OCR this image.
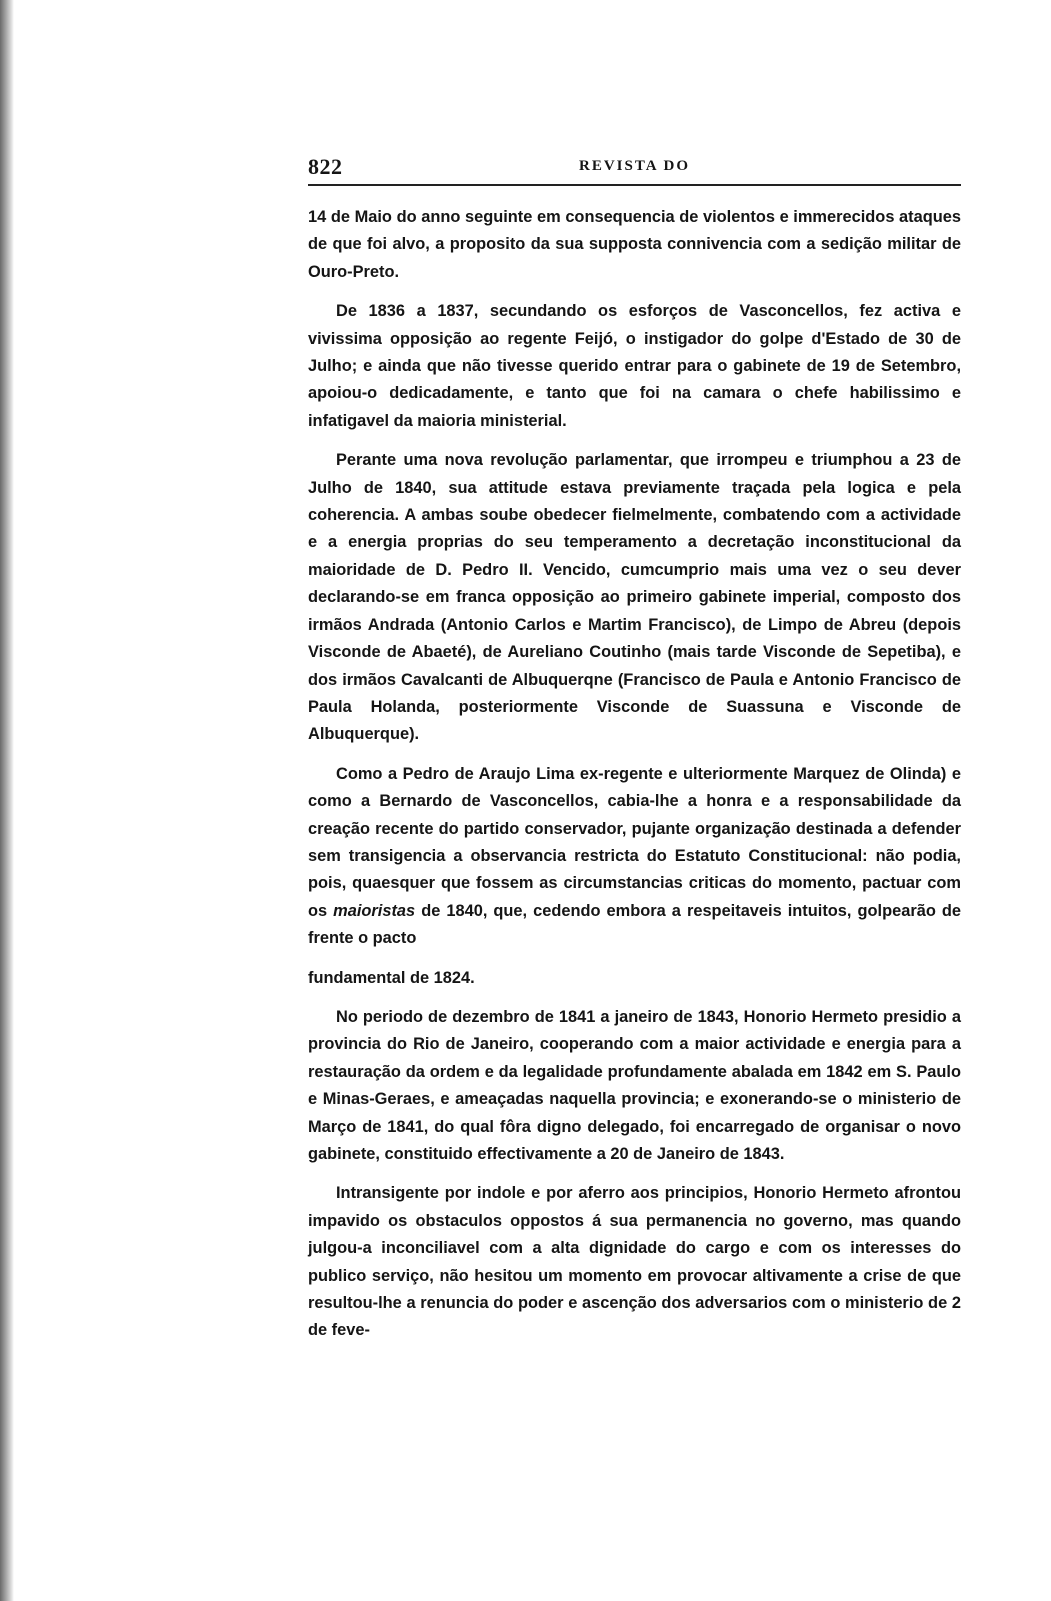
822	REVISTA DO

14 de Maio do anno seguinte em consequencia de violentos e immerecidos ataques de que foi alvo, a proposito da sua supposta connivencia com a sedição militar de Ouro-Preto.

De 1836 a 1837, secundando os esforços de Vasconcellos, fez activa e vivissima opposição ao regente Feijó, o instigador do golpe d'Estado de 30 de Julho; e ainda que não tivesse querido entrar para o gabinete de 19 de Setembro, apoiou-o dedicadamente, e tanto que foi na camara o chefe habilissimo e infatigavel da maioria ministerial.

Perante uma nova revolução parlamentar, que irrompeu e triumphou a 23 de Julho de 1840, sua attitude estava previamente traçada pela logica e pela coherencia. A ambas soube obedecer fielmelmente, combatendo com a actividade e a energia proprias do seu temperamento a decretação inconstitucional da maioridade de D. Pedro II. Vencido, cumcumprio mais uma vez o seu dever declarando-se em franca opposição ao primeiro gabinete imperial, composto dos irmãos Andrada (Antonio Carlos e Martim Francisco), de Limpo de Abreu (depois Visconde de Abaeté), de Aureliano Coutinho (mais tarde Visconde de Sepetiba), e dos irmãos Cavalcanti de Albuquerqne (Francisco de Paula e Antonio Francisco de Paula Holanda, posteriormente Visconde de Suassuna e Visconde de Albuquerque).

Como a Pedro de Araujo Lima ex-regente e ulteriormente Marquez de Olinda) e como a Bernardo de Vasconcellos, cabia-lhe a honra e a responsabilidade da creação recente do partido conservador, pujante organização destinada a defender sem transigencia a observancia restricta do Estatuto Constitucional: não podia, pois, quaesquer que fossem as circumstancias criticas do momento, pactuar com os maioristas de 1840, que, cedendo embora a respeitaveis intuitos, golpearão de frente o pacto

fundamental de 1824.

No periodo de dezembro de 1841 a janeiro de 1843, Honorio Hermeto presidio a provincia do Rio de Janeiro, cooperando com a maior actividade e energia para a restauração da ordem e da legalidade profundamente abalada em 1842 em S. Paulo e Minas-Geraes, e ameaçadas naquella provincia; e exonerando-se o ministerio de Março de 1841, do qual fôra digno delegado, foi encarregado de organisar o novo gabinete, constituido effectivamente a 20 de Janeiro de 1843.

Intransigente por indole e por aferro aos principios, Honorio Hermeto afrontou impavido os obstaculos oppostos á sua permanencia no governo, mas quando julgou-a inconciliavel com a alta dignidade do cargo e com os interesses do publico serviço, não hesitou um momento em provocar altivamente a crise de que resultou-lhe a renuncia do poder e ascenção dos adversarios com o ministerio de 2 de feve-
